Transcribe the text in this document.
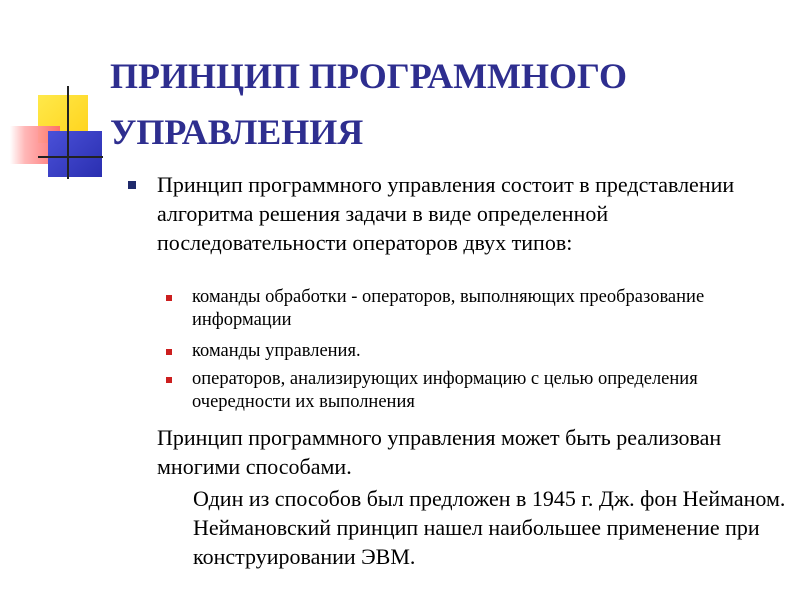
ПРИНЦИП ПРОГРАММНОГО
УПРАВЛЕНИЯ
Принцип программного управления состоит в представлении алгоритма решения задачи в виде определенной последовательности операторов двух типов:
команды обработки - операторов, выполняющих преобразование информации
команды управления.
операторов, анализирующих информацию с целью определения очередности их выполнения
Принцип программного управления может быть реализован многими способами.
Один из способов был предложен в 1945 г. Дж. фон Нейманом. Неймановский принцип нашел наибольшее применение при конструировании ЭВМ.
